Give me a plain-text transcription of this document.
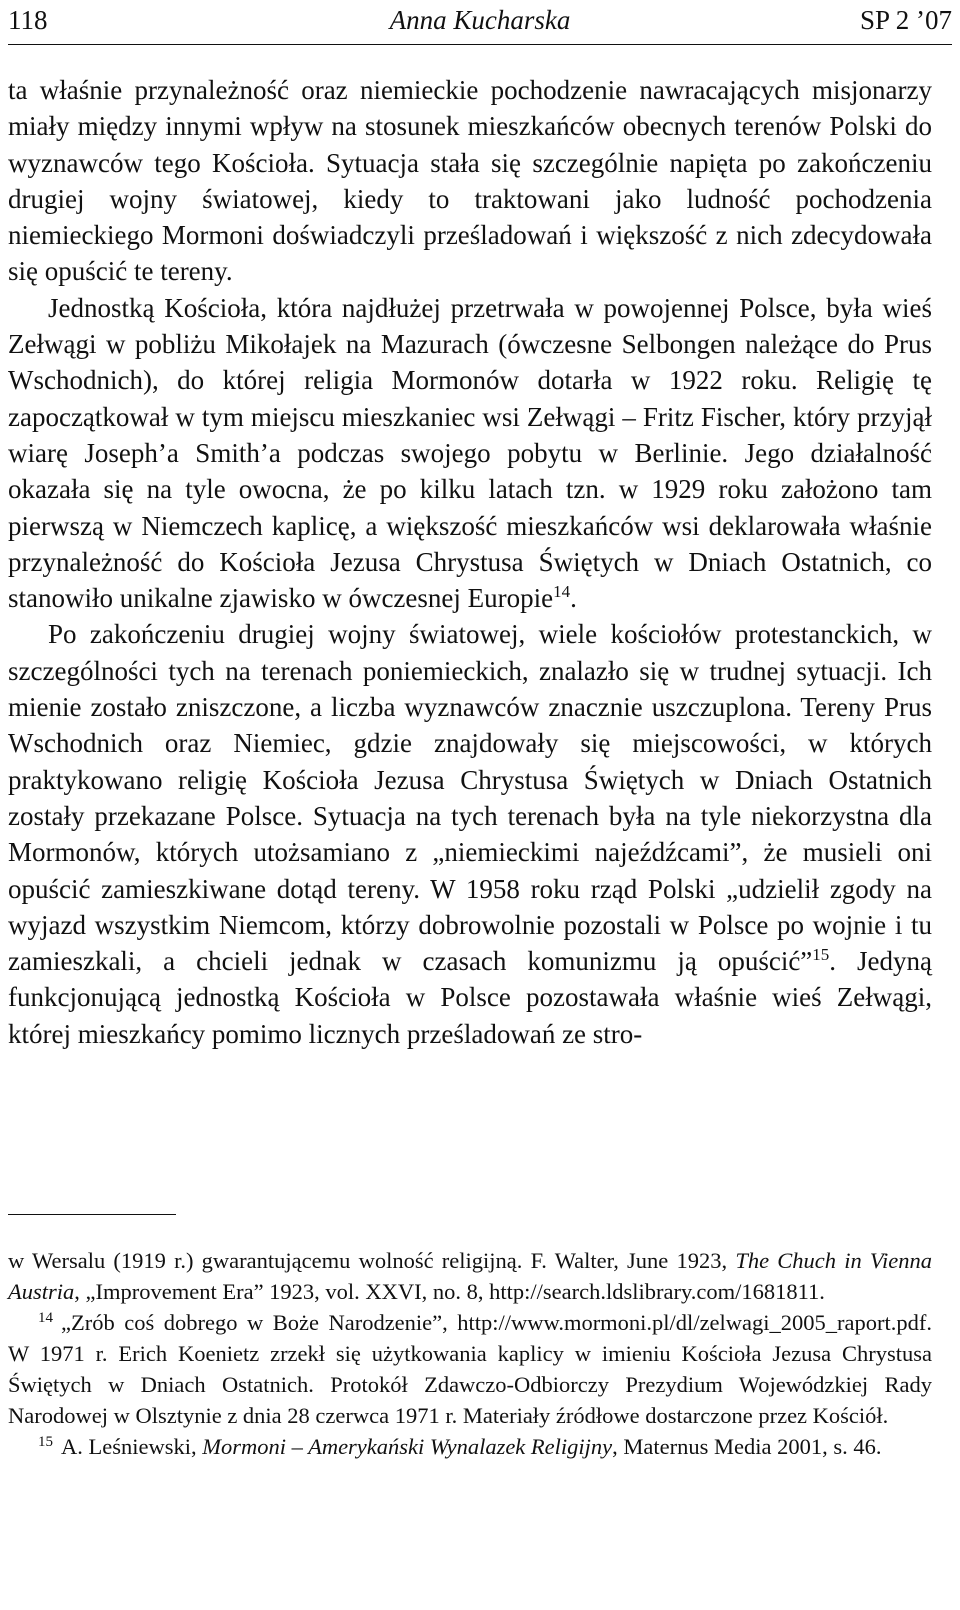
118	Anna Kucharska	SP 2 ’07

ta właśnie przynależność oraz niemieckie pochodzenie nawracających misjonarzy miały między innymi wpływ na stosunek mieszkańców obecnych terenów Polski do wyznawców tego Kościoła. Sytuacja stała się szczególnie napięta po zakończeniu drugiej wojny światowej, kiedy to traktowani jako ludność pochodzenia niemieckiego Mormoni doświadczyli prześladowań i większość z nich zdecydowała się opuścić te tereny.

Jednostką Kościoła, która najdłużej przetrwała w powojennej Polsce, była wieś Zełwągi w pobliżu Mikołajek na Mazurach (ówczesne Selbongen należące do Prus Wschodnich), do której religia Mormonów dotarła w 1922 roku. Religię tę zapoczątkował w tym miejscu mieszkaniec wsi Zełwągi – Fritz Fischer, który przyjął wiarę Joseph’a Smith’a podczas swojego pobytu w Berlinie. Jego działalność okazała się na tyle owocna, że po kilku latach tzn. w 1929 roku założono tam pierwszą w Niemczech kaplicę, a większość mieszkańców wsi deklarowała właśnie przynależność do Kościoła Jezusa Chrystusa Świętych w Dniach Ostatnich, co stanowiło unikalne zjawisko w ówczesnej Europie$^{14}$.

Po zakończeniu drugiej wojny światowej, wiele kościołów protestanckich, w szczególności tych na terenach poniemieckich, znalazło się w trudnej sytuacji. Ich mienie zostało zniszczone, a liczba wyznawców znacznie uszczuplona. Tereny Prus Wschodnich oraz Niemiec, gdzie znajdowały się miejscowości, w których praktykowano religię Kościoła Jezusa Chrystusa Świętych w Dniach Ostatnich zostały przekazane Polsce. Sytuacja na tych terenach była na tyle niekorzystna dla Mormonów, których utożsamiano z „niemieckimi najeźdźcami”, że musieli oni opuścić zamieszkiwane dotąd tereny. W 1958 roku rząd Polski „udzielił zgody na wyjazd wszystkim Niemcom, którzy dobrowolnie pozostali w Polsce po wojnie i tu zamieszkali, a chcieli jednak w czasach komunizmu ją opuścić”$^{15}$. Jedyną funkcjonującą jednostką Kościoła w Polsce pozostawała właśnie wieś Zełwągi, której mieszkańcy pomimo licznych prześladowań ze stro-

w Wersalu (1919 r.) gwarantującemu wolność religijną. F. Walter, June 1923, The Chuch in Vienna Austria, „Improvement Era” 1923, vol. XXVI, no. 8, http://search.ldslibrary.com/1681811.

$^{14}$ „Zrób coś dobrego w Boże Narodzenie”, http://www.mormoni.pl/dl/zelwagi_2005_raport.pdf. W 1971 r. Erich Koenietz zrzekł się użytkowania kaplicy w imieniu Kościoła Jezusa Chrystusa Świętych w Dniach Ostatnich. Protokół Zdawczo-Odbiorczy Prezydium Wojewódzkiej Rady Narodowej w Olsztynie z dnia 28 czerwca 1971 r. Materiały źródłowe dostarczone przez Kościół.

$^{15}$ A. Leśniewski, Mormoni – Amerykański Wynalazek Religijny, Maternus Media 2001, s. 46.
